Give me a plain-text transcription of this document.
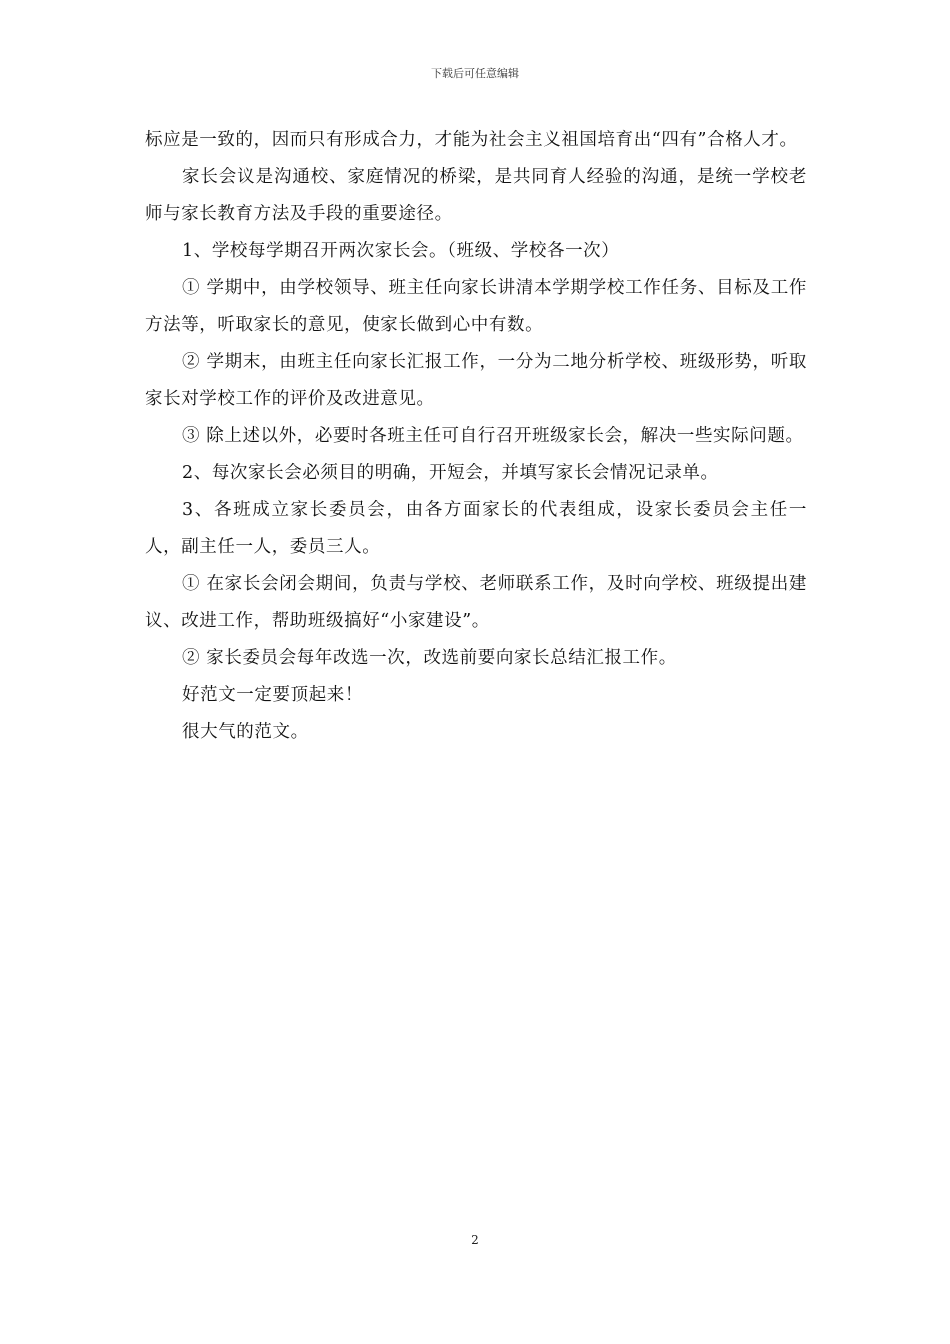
下载后可任意编辑

标应是一致的，因而只有形成合力，才能为社会主义祖国培育出“四有”合格人才。

家长会议是沟通校、家庭情况的桥梁，是共同育人经验的沟通，是统一学校老师与家长教育方法及手段的重要途径。

1、学校每学期召开两次家长会。（班级、学校各一次）

① 学期中，由学校领导、班主任向家长讲清本学期学校工作任务、目标及工作方法等，听取家长的意见，使家长做到心中有数。

② 学期末，由班主任向家长汇报工作，一分为二地分析学校、班级形势，听取家长对学校工作的评价及改进意见。

③ 除上述以外，必要时各班主任可自行召开班级家长会，解决一些实际问题。

2、每次家长会必须目的明确，开短会，并填写家长会情况记录单。

3、各班成立家长委员会，由各方面家长的代表组成，设家长委员会主任一人，副主任一人，委员三人。

① 在家长会闭会期间，负责与学校、老师联系工作，及时向学校、班级提出建议、改进工作，帮助班级搞好“小家建设”。

② 家长委员会每年改选一次，改选前要向家长总结汇报工作。

好范文一定要顶起来！

很大气的范文。

2
